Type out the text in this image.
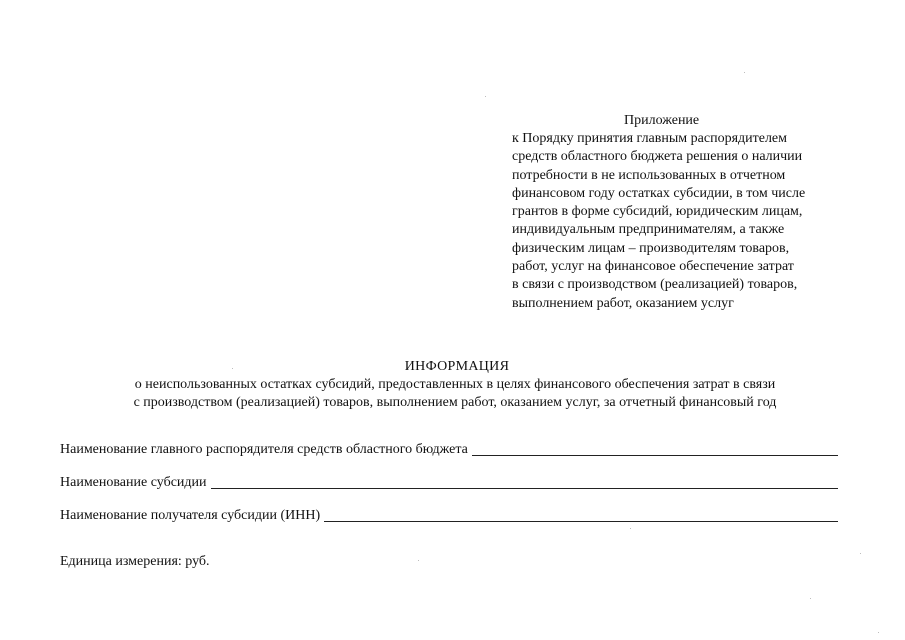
Приложение

к Порядку принятия главным распорядителем

средств областного бюджета решения о наличии

потребности в не использованных в отчетном

финансовом году остатках субсидии, в том числе

грантов в форме субсидий, юридическим лицам,

индивидуальным предпринимателям, а также

физическим лицам – производителям товаров,

работ, услуг на финансовое обеспечение затрат

в связи с производством (реализацией) товаров,

выполнением работ, оказанием услуг

ИНФОРМАЦИЯ

о неиспользованных остатках субсидий, предоставленных в целях финансового обеспечения затрат в связи

с производством (реализацией) товаров, выполнением работ, оказанием услуг, за отчетный финансовый год

Наименование главного распорядителя средств областного бюджета
Наименование субсидии
Наименование получателя субсидии (ИНН)
Единица измерения: руб.
